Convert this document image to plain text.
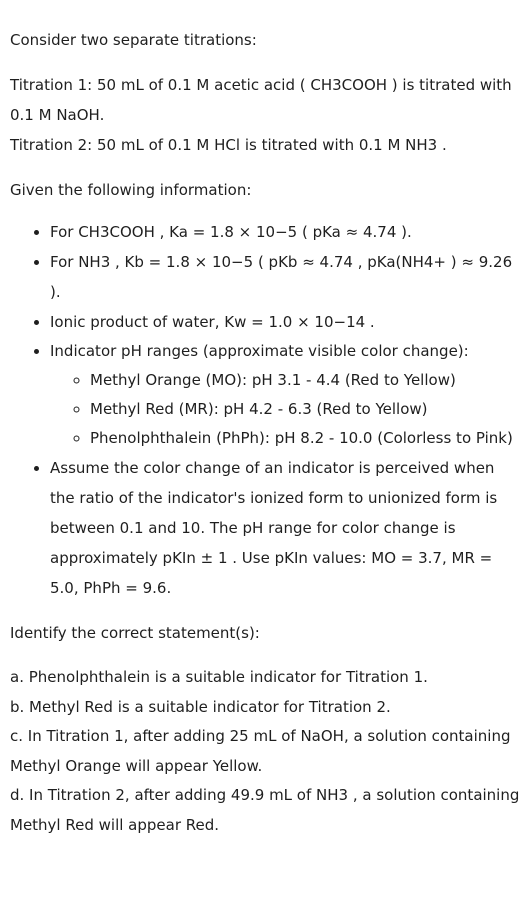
Consider two separate titrations:

Titration 1: 50 mL of 0.1 M acetic acid ( CH3COOH ) is titrated with 0.1 M NaOH.

Titration 2: 50 mL of 0.1 M HCl is titrated with 0.1 M NH3 .

Given the following information:

• For CH3COOH , Ka = 1.8 × 10−5 ( pKa ≈ 4.74 ).
• For NH3 , Kb = 1.8 × 10−5 ( pKb ≈ 4.74 , pKa(NH4+ ) ≈ 9.26 ).
• Ionic product of water, Kw = 1.0 × 10−14 .
• Indicator pH ranges (approximate visible color change):
◦ Methyl Orange (MO): pH 3.1 - 4.4 (Red to Yellow)
◦ Methyl Red (MR): pH 4.2 - 6.3 (Red to Yellow)
◦ Phenolphthalein (PhPh): pH 8.2 - 10.0 (Colorless to Pink)
• Assume the color change of an indicator is perceived when the ratio of the indicator's ionized form to unionized form is between 0.1 and 10. The pH range for color change is approximately pKIn ± 1 . Use pKIn values: MO = 3.7, MR = 5.0, PhPh = 9.6.

Identify the correct statement(s):

a. Phenolphthalein is a suitable indicator for Titration 1.

b. Methyl Red is a suitable indicator for Titration 2.

c. In Titration 1, after adding 25 mL of NaOH, a solution containing Methyl Orange will appear Yellow.

d. In Titration 2, after adding 49.9 mL of NH3 , a solution containing Methyl Red will appear Red.
